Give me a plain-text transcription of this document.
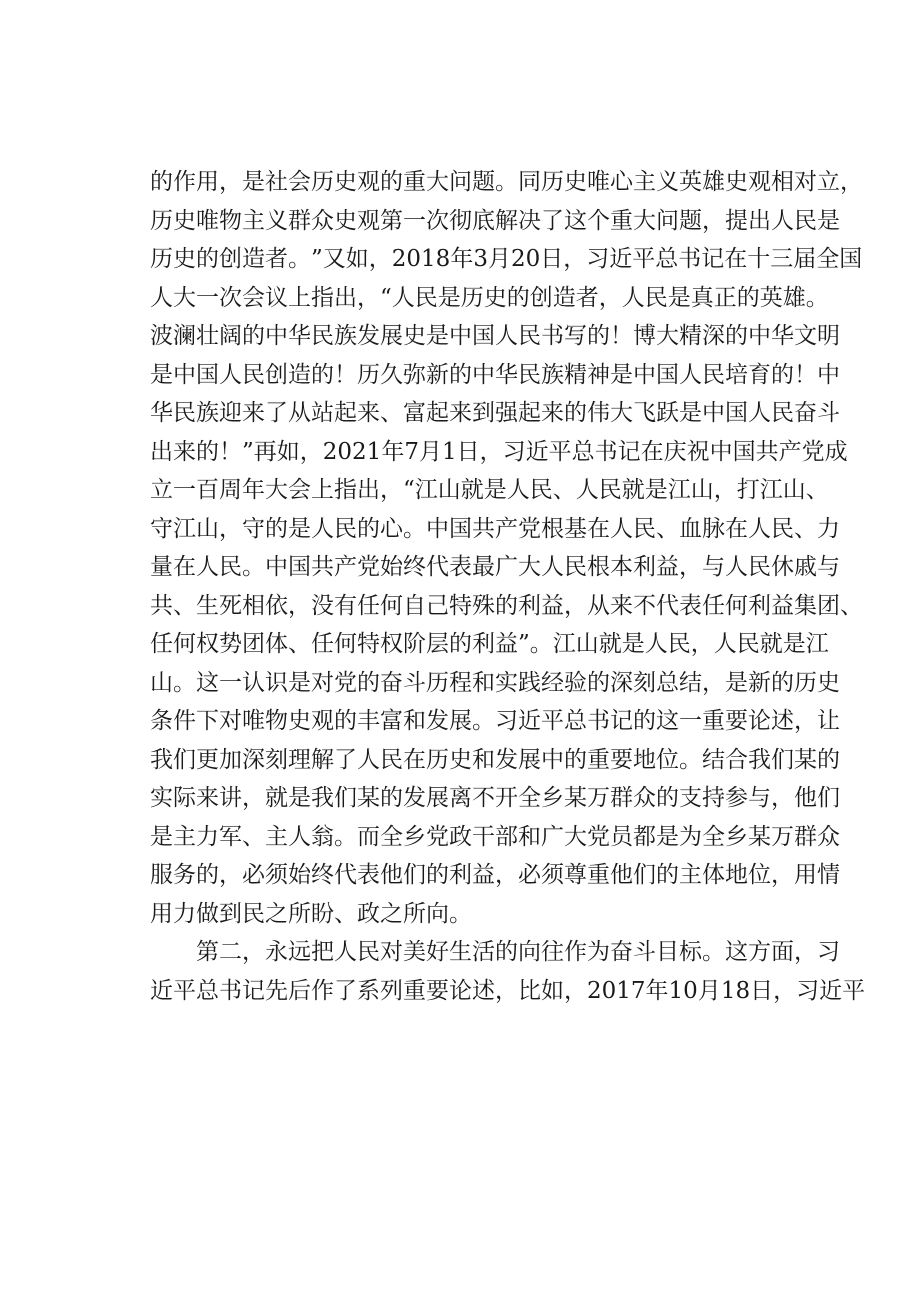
的 作 用 ， 是 社 会 历 史 观 的 重 大 问 题 。 同 历 史 唯 心 主 义 英 雄 史 观 相 对 立 ，
历 史 唯 物 主 义 群 众 史 观 第 一 次 彻 底 解 决 了 这 个 重 大 问 题 ， 提 出 人 民 是
历 史 的 创 造 者 。 ” 又 如 ， 2018 年 3 月 20 日 ， 习 近 平 总 书 记 在 十 三 届 全 国
人 大 一 次 会 议 上 指 出 ， “ 人 民 是 历 史 的 创 造 者 ， 人 民 是 真 正 的 英 雄 。
波 澜 壮 阔 的 中 华 民 族 发 展 史 是 中 国 人 民 书 写 的 ！ 博 大 精 深 的 中 华 文 明
是 中 国 人 民 创 造 的 ！ 历 久 弥 新 的 中 华 民 族 精 神 是 中 国 人 民 培 育 的 ！ 中
华 民 族 迎 来 了 从 站 起 来 、 富 起 来 到 强 起 来 的 伟 大 飞 跃 是 中 国 人 民 奋 斗
出 来 的 ！ ” 再 如 ， 2021 年 7 月 1 日 ， 习 近 平 总 书 记 在 庆 祝 中 国 共 产 党 成
立 一 百 周 年 大 会 上 指 出 ， “ 江 山 就 是 人 民 、 人 民 就 是 江 山 ， 打 江 山 、
守 江 山 ， 守 的 是 人 民 的 心 。 中 国 共 产 党 根 基 在 人 民 、 血 脉 在 人 民 、 力
量 在 人 民 。 中 国 共 产 党 始 终 代 表 最 广 大 人 民 根 本 利 益 ， 与 人 民 休 戚 与
共 、 生 死 相 依 ， 没 有 任 何 自 己 特 殊 的 利 益 ， 从 来 不 代 表 任 何 利 益 集 团 、
任 何 权 势 团 体 、 任 何 特 权 阶 层 的 利 益 ” 。 江 山 就 是 人 民 ， 人 民 就 是 江
山 。 这 一 认 识 是 对 党 的 奋 斗 历 程 和 实 践 经 验 的 深 刻 总 结 ， 是 新 的 历 史
条 件 下 对 唯 物 史 观 的 丰 富 和 发 展 。 习 近 平 总 书 记 的 这 一 重 要 论 述 ， 让
我 们 更 加 深 刻 理 解 了 人 民 在 历 史 和 发 展 中 的 重 要 地 位 。 结 合 我 们 某 的
实 际 来 讲 ， 就 是 我 们 某 的 发 展 离 不 开 全 乡 某 万 群 众 的 支 持 参 与 ， 他 们
是 主 力 军 、 主 人 翁 。 而 全 乡 党 政 干 部 和 广 大 党 员 都 是 为 全 乡 某 万 群 众
服 务 的 ， 必 须 始 终 代 表 他 们 的 利 益 ， 必 须 尊 重 他 们 的 主 体 地 位 ， 用 情
用力做到民之所盼、政之所向。

第 二 ， 永 远 把 人 民 对 美 好 生 活 的 向 往 作 为 奋 斗 目 标 。 这 方 面 ， 习
近 平 总 书 记 先 后 作 了 系 列 重 要 论 述 ， 比 如 ， 2017 年 10 月 18 日 ， 习 近 平
